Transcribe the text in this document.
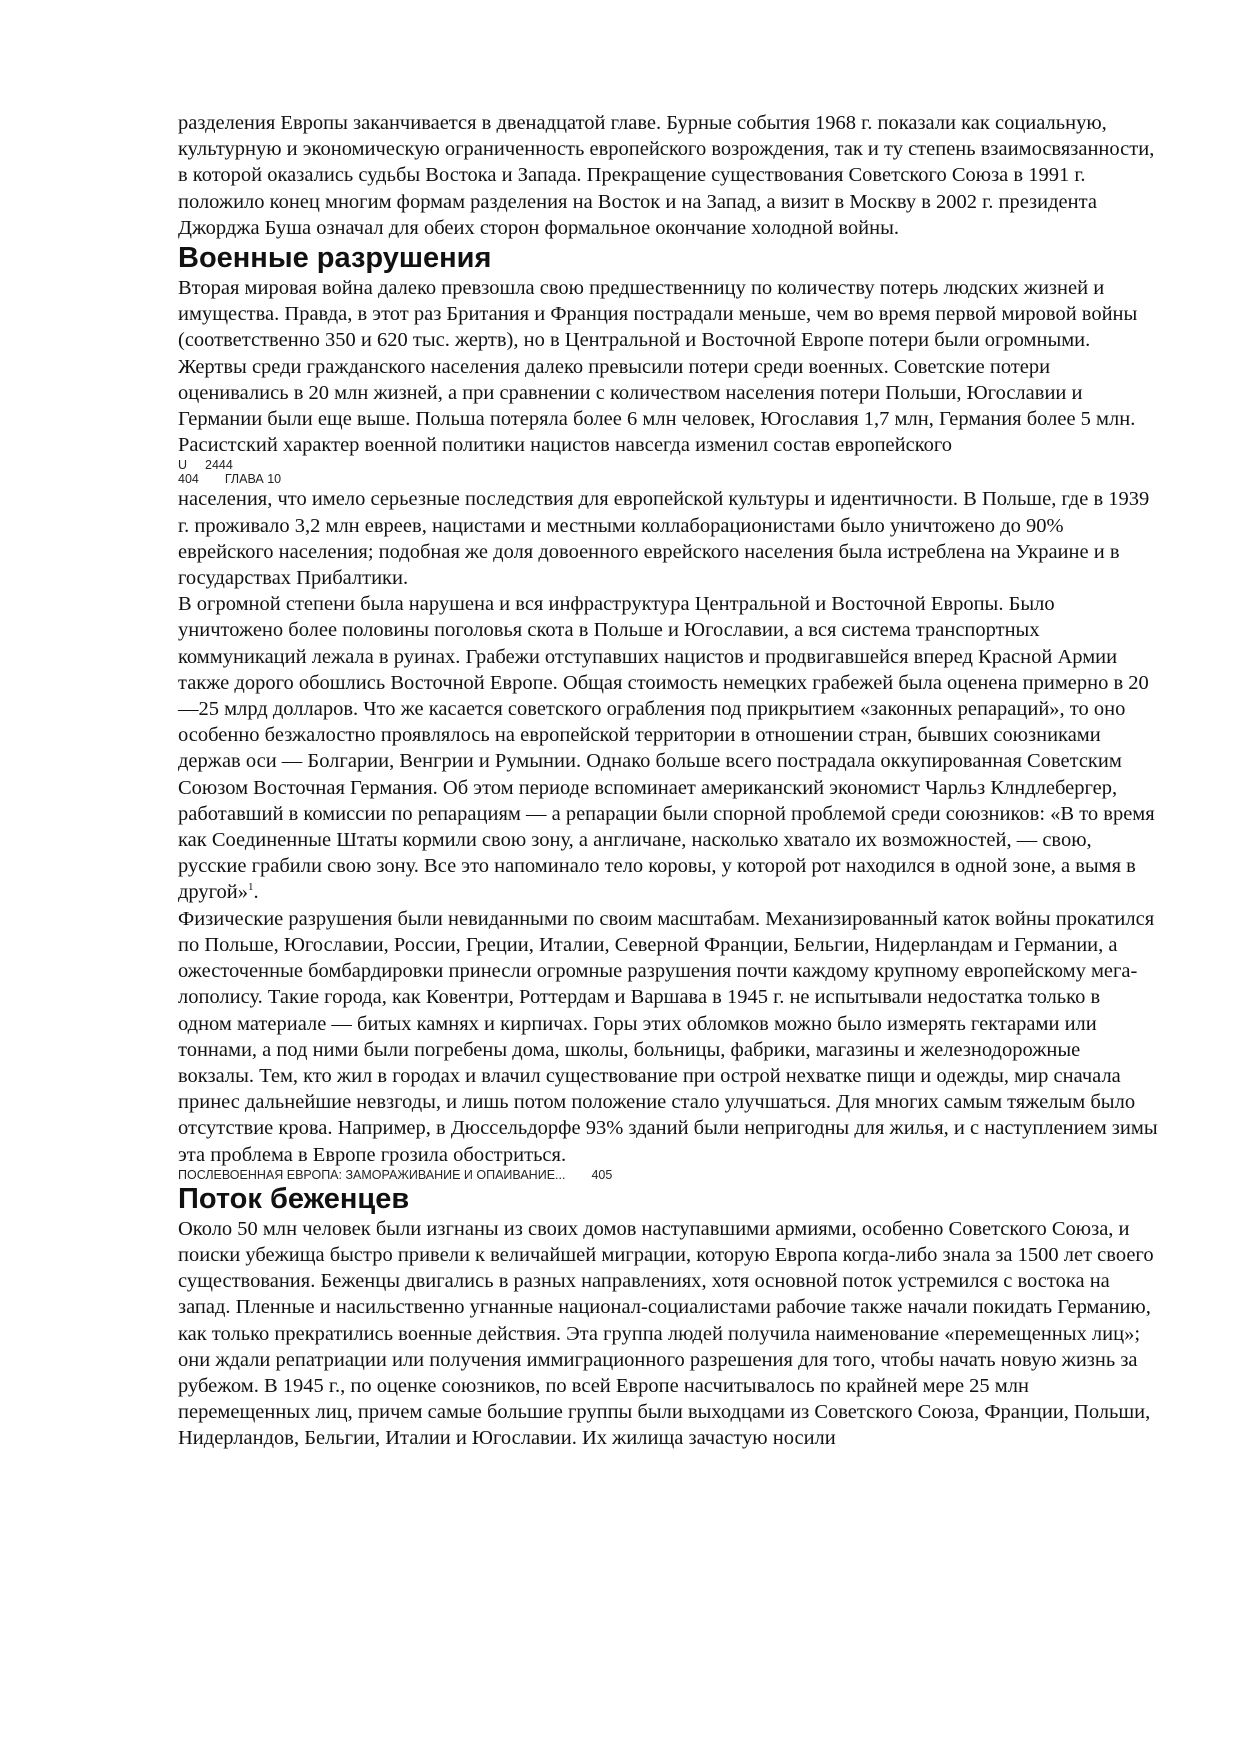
разделения Европы заканчивается в двенадцатой главе. Бурные события 1968 г. показали как социальную, культурную и экономическую ограниченность европейского возрождения, так и ту степень взаимосвязанности, в которой оказались судьбы Востока и Запада. Прекращение существования Советского Союза в 1991 г. положило конец многим формам разделения на Восток и на Запад, а визит в Москву в 2002 г. президента Джорджа Буша означал для обеих сторон формальное окончание холодной войны.

Военные разрушения

Вторая мировая война далеко превзошла свою предшественницу по количеству потерь людских жизней и имущества. Правда, в этот раз Британия и Франция пострадали меньше, чем во время первой мировой войны (соответственно 350 и 620 тыс. жертв), но в Центральной и Восточной Европе потери были огромными. Жертвы среди гражданского населения далеко превысили потери среди военных. Советские потери оценивались в 20 млн жизней, а при сравнении с количеством населения потери Польши, Югославии и Германии были еще выше. Польша потеряла более 6 млн человек, Югославия 1,7 млн, Германия более 5 млн. Расистский характер военной политики нацистов навсегда изменил состав европейского

U 2444
404 ГЛАВА 10

населения, что имело серьезные последствия для европейской культуры и идентичности. В Польше, где в 1939 г. проживало 3,2 млн евреев, нацистами и местными коллаборационистами было уничтожено до 90% еврейского населения; подобная же доля довоенного еврейского населения была истреблена на Украине и в государствах Прибалтики.

В огромной степени была нарушена и вся инфраструктура Центральной и Восточной Европы. Было уничтожено более половины поголовья скота в Польше и Югославии, а вся система транспортных коммуникаций лежала в руинах. Грабежи отступавших нацистов и продвигавшейся вперед Красной Армии также дорого обошлись Восточной Европе. Общая стоимость немецких грабежей была оценена примерно в 20—25 млрд долларов. Что же касается советского ограбления под прикрытием «законных репараций», то оно особенно безжалостно проявлялось на европейской территории в отношении стран, бывших союзниками держав оси — Болгарии, Венгрии и Румынии. Однако больше всего пострадала оккупированная Советским Союзом Восточная Германия. Об этом периоде вспоминает американский экономист Чарльз Клндлебергер, работавший в комиссии по репарациям — а репарации были спорной проблемой среди союзников: «В то время как Соединенные Штаты кормили свою зону, а англичане, насколько хватало их возможностей, — свою, русские грабили свою зону. Все это напоминало тело коровы, у которой рот находился в одной зоне, а вымя в другой»$^1$.

Физические разрушения были невиданными по своим масштабам. Механизированный каток войны прокатился по Польше, Югославии, России, Греции, Италии, Северной Франции, Бельгии, Нидерландам и Германии, а ожесточенные бомбардировки принесли огромные разрушения почти каждому крупному европейскому мега-лополису. Такие города, как Ковентри, Роттердам и Варшава в 1945 г. не испытывали недостатка только в одном материале — битых камнях и кирпичах. Горы этих обломков можно было измерять гектарами или тоннами, а под ними были погребены дома, школы, больницы, фабрики, магазины и железнодорожные вокзалы. Тем, кто жил в городах и влачил существование при острой нехватке пищи и одежды, мир сначала принес дальнейшие невзгоды, и лишь потом положение стало улучшаться. Для многих самым тяжелым было отсутствие крова. Например, в Дюссельдорфе 93% зданий были непригодны для жилья, и с наступлением зимы эта проблема в Европе грозила обостриться.

ПОСЛЕВОЕННАЯ ЕВРОПА: ЗАМОРАЖИВАНИЕ И ОПАИВАНИЕ... 405
Поток беженцев

Около 50 млн человек были изгнаны из своих домов наступавшими армиями, особенно Советского Союза, и поиски убежища быстро привели к величайшей миграции, которую Европа когда-либо знала за 1500 лет своего существования. Беженцы двигались в разных направлениях, хотя основной поток устремился с востока на запад. Пленные и насильственно угнанные национал-социалистами рабочие также начали покидать Германию, как только прекратились военные действия. Эта группа людей получила наименование «перемещенных лиц»; они ждали репатриации или получения иммиграционного разрешения для того, чтобы начать новую жизнь за рубежом. В 1945 г., по оценке союзников, по всей Европе насчитывалось по крайней мере 25 млн перемещенных лиц, причем самые большие группы были выходцами из Советского Союза, Франции, Польши, Нидерландов, Бельгии, Италии и Югославии. Их жилища зачастую носили
